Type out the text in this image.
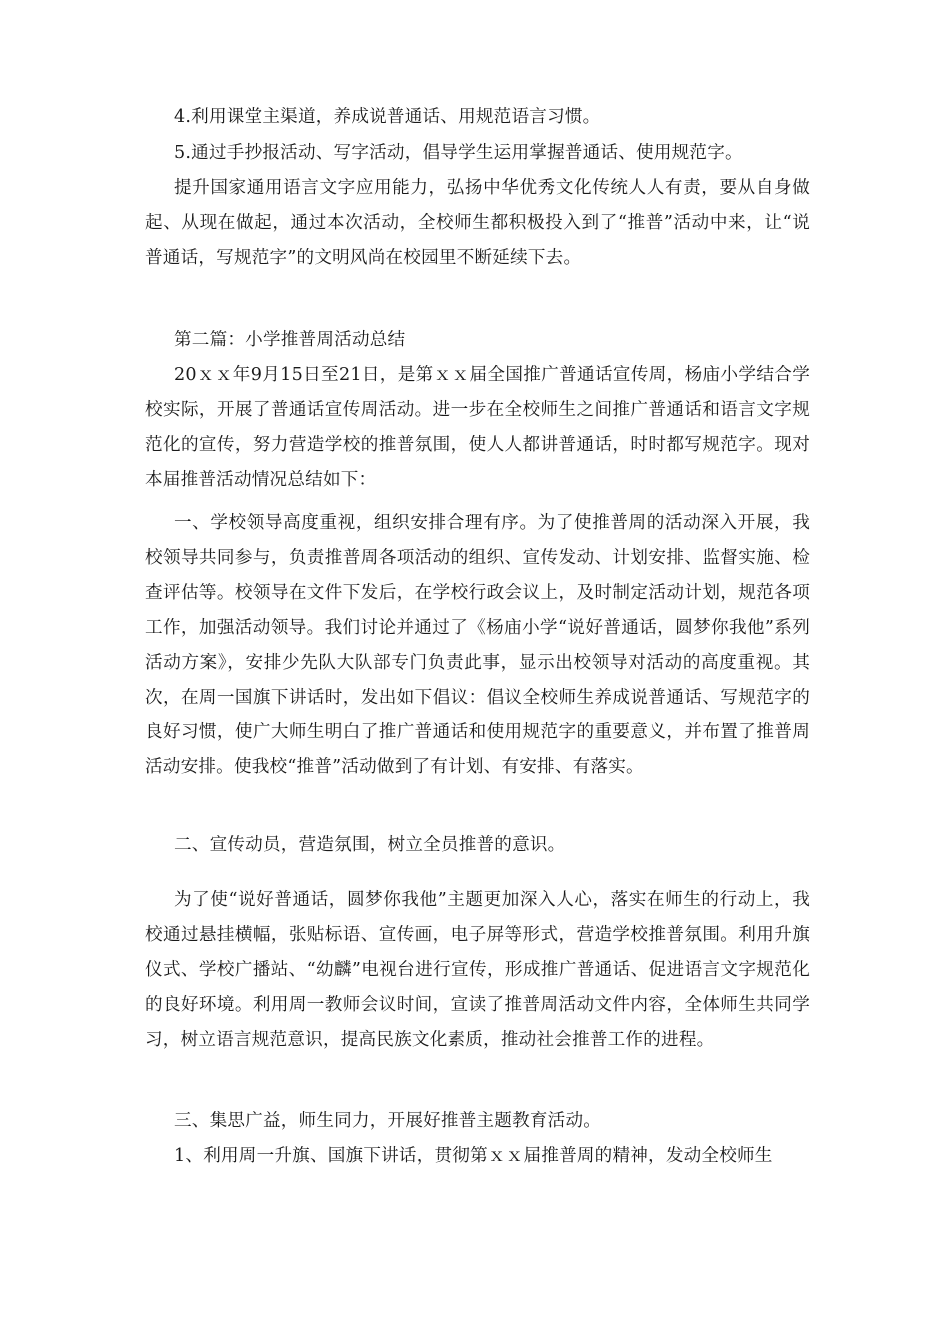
4.利用课堂主渠道，养成说普通话、用规范语言习惯。

5.通过手抄报活动、写字活动，倡导学生运用掌握普通话、使用规范字。

提升国家通用语言文字应用能力，弘扬中华优秀文化传统人人有责，要从自身做起、从现在做起，通过本次活动，全校师生都积极投入到了“推普”活动中来，让“说普通话，写规范字”的文明风尚在校园里不断延续下去。

第二篇：小学推普周活动总结

20ｘｘ年9月15日至21日，是第ｘｘ届全国推广普通话宣传周，杨庙小学结合学校实际，开展了普通话宣传周活动。进一步在全校师生之间推广普通话和语言文字规范化的宣传，努力营造学校的推普氛围，使人人都讲普通话，时时都写规范字。现对本届推普活动情况总结如下：

一、学校领导高度重视，组织安排合理有序。为了使推普周的活动深入开展，我校领导共同参与，负责推普周各项活动的组织、宣传发动、计划安排、监督实施、检查评估等。校领导在文件下发后，在学校行政会议上，及时制定活动计划，规范各项工作，加强活动领导。我们讨论并通过了《杨庙小学“说好普通话，圆梦你我他”系列活动方案》，安排少先队大队部专门负责此事，显示出校领导对活动的高度重视。其次，在周一国旗下讲话时，发出如下倡议：倡议全校师生养成说普通话、写规范字的良好习惯，使广大师生明白了推广普通话和使用规范字的重要意义，并布置了推普周活动安排。使我校“推普”活动做到了有计划、有安排、有落实。

二、宣传动员，营造氛围，树立全员推普的意识。

为了使“说好普通话，圆梦你我他”主题更加深入人心，落实在师生的行动上，我校通过悬挂横幅，张贴标语、宣传画，电子屏等形式，营造学校推普氛围。利用升旗仪式、学校广播站、“幼麟”电视台进行宣传，形成推广普通话、促进语言文字规范化的良好环境。利用周一教师会议时间，宣读了推普周活动文件内容，全体师生共同学习，树立语言规范意识，提高民族文化素质，推动社会推普工作的进程。

三、集思广益，师生同力，开展好推普主题教育活动。

1、利用周一升旗、国旗下讲话，贯彻第ｘｘ届推普周的精神，发动全校师生
